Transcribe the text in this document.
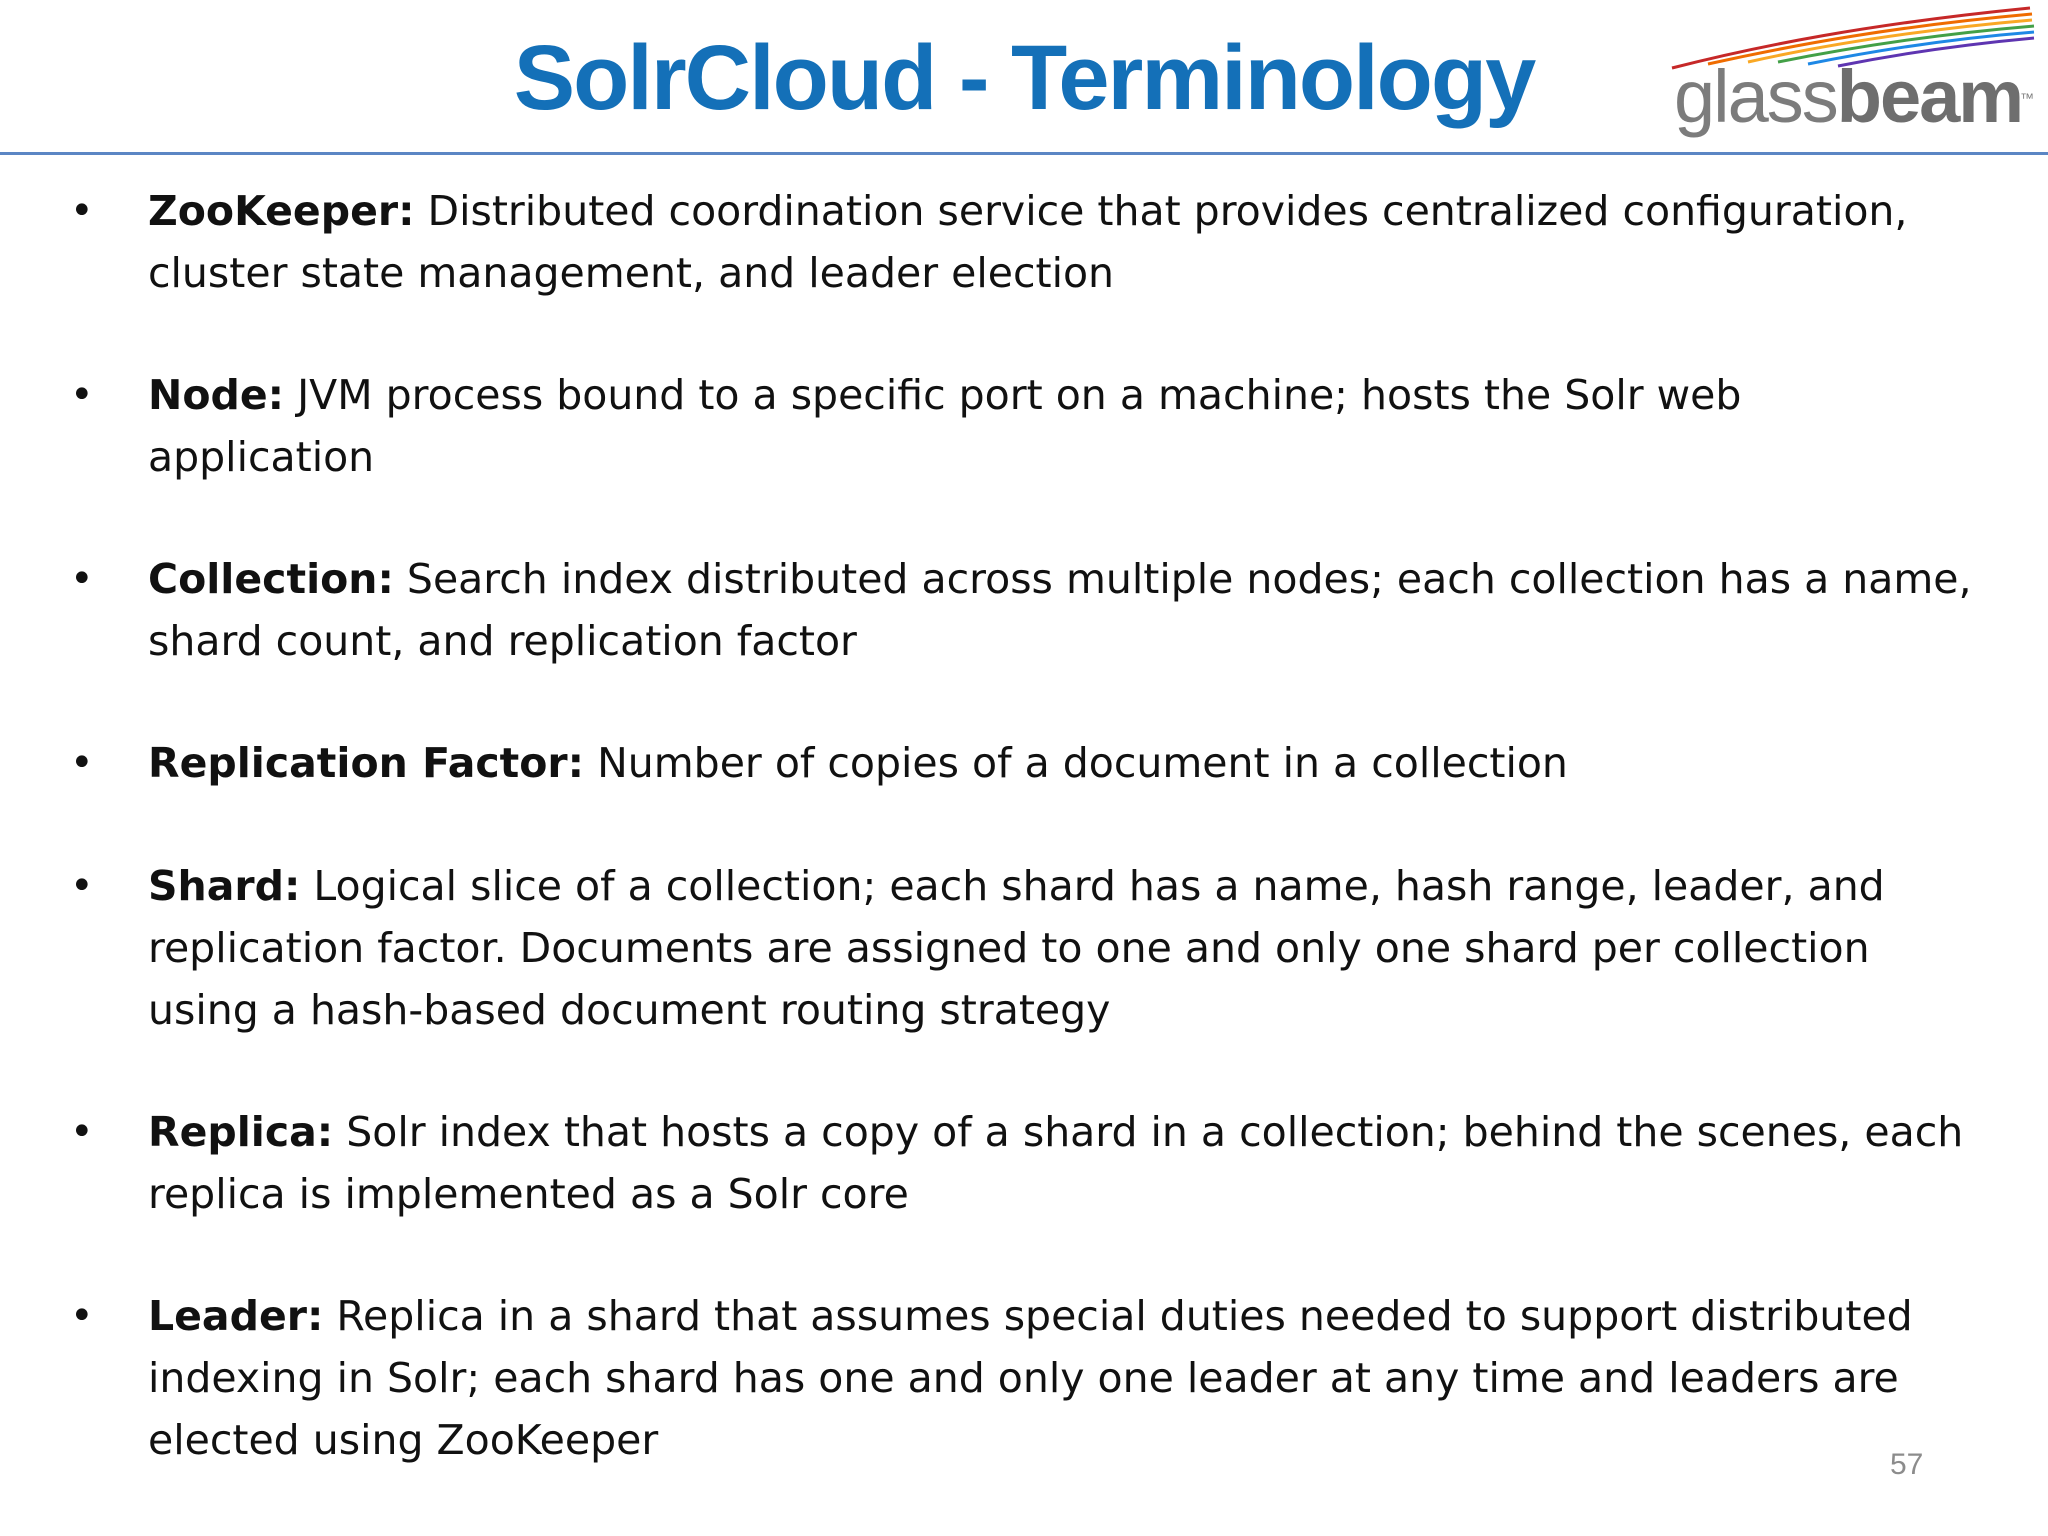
SolrCloud - Terminology	glassbeam
™
• ZooKeeper: Distributed coordination service that provides centralized configuration, cluster state management, and leader election
• Node: JVM process bound to a specific port on a machine; hosts the Solr web application
• Collection: Search index distributed across multiple nodes; each collection has a name, shard count, and replication factor
• Replication Factor: Number of copies of a document in a collection
• Shard: Logical slice of a collection; each shard has a name, hash range, leader, and replication factor. Documents are assigned to one and only one shard per collection using a hash-based document routing strategy
• Replica: Solr index that hosts a copy of a shard in a collection; behind the scenes, each replica is implemented as a Solr core
• Leader: Replica in a shard that assumes special duties needed to support distributed indexing in Solr; each shard has one and only one leader at any time and leaders are elected using ZooKeeper
57
